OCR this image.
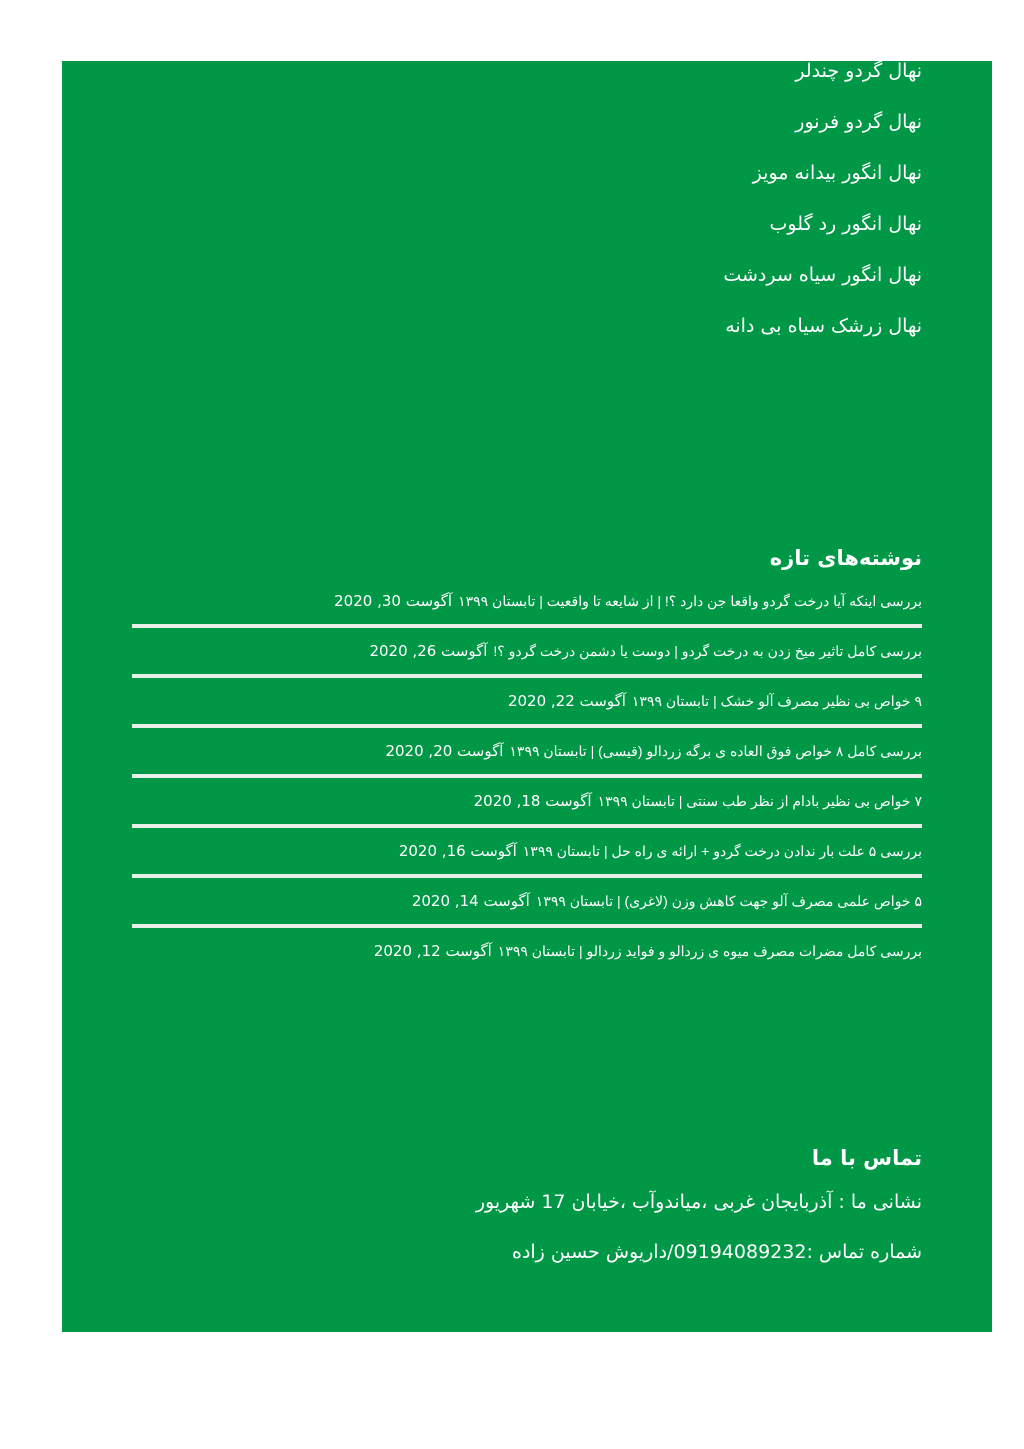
نهال گردو چندلر
نهال گردو فرنور
نهال انگور بیدانه مویز
نهال انگور رد گلوب
نهال انگور سیاه سردشت
نهال زرشک سیاه بی دانه
نوشته‌های تازه
بررسی اینکه آیا درخت گردو واقعا جن دارد ؟! | از شایعه تا واقعیت | تابستان ۱۳۹۹
آگوست 30, 2020
بررسی کامل تاثیر میخ زدن به درخت گردو | دوست یا دشمن درخت گردو ؟!
آگوست 26, 2020
۹ خواص بی نظیر مصرف آلو خشک | تابستان ۱۳۹۹
آگوست 22, 2020
بررسی کامل ۸ خواص فوق العاده ی برگه زردالو (قیسی) | تابستان ۱۳۹۹
آگوست 20, 2020
۷ خواص بی نظیر بادام از نظر طب سنتی | تابستان ۱۳۹۹
آگوست 18, 2020
بررسی ۵ علت بار ندادن درخت گردو + ارائه ی راه حل | تابستان ۱۳۹۹
آگوست 16, 2020
۵ خواص علمی مصرف آلو جهت کاهش وزن (لاغری) | تابستان ۱۳۹۹
آگوست 14, 2020
بررسی کامل مضرات مصرف میوه ی زردالو و فواید زردالو | تابستان ۱۳۹۹
آگوست 12, 2020
تماس با ما
نشانی ما : آذربایجان غربی ،میاندوآب ،خیابان 17 شهریور
شماره تماس :09194089232/داریوش حسین زاده
